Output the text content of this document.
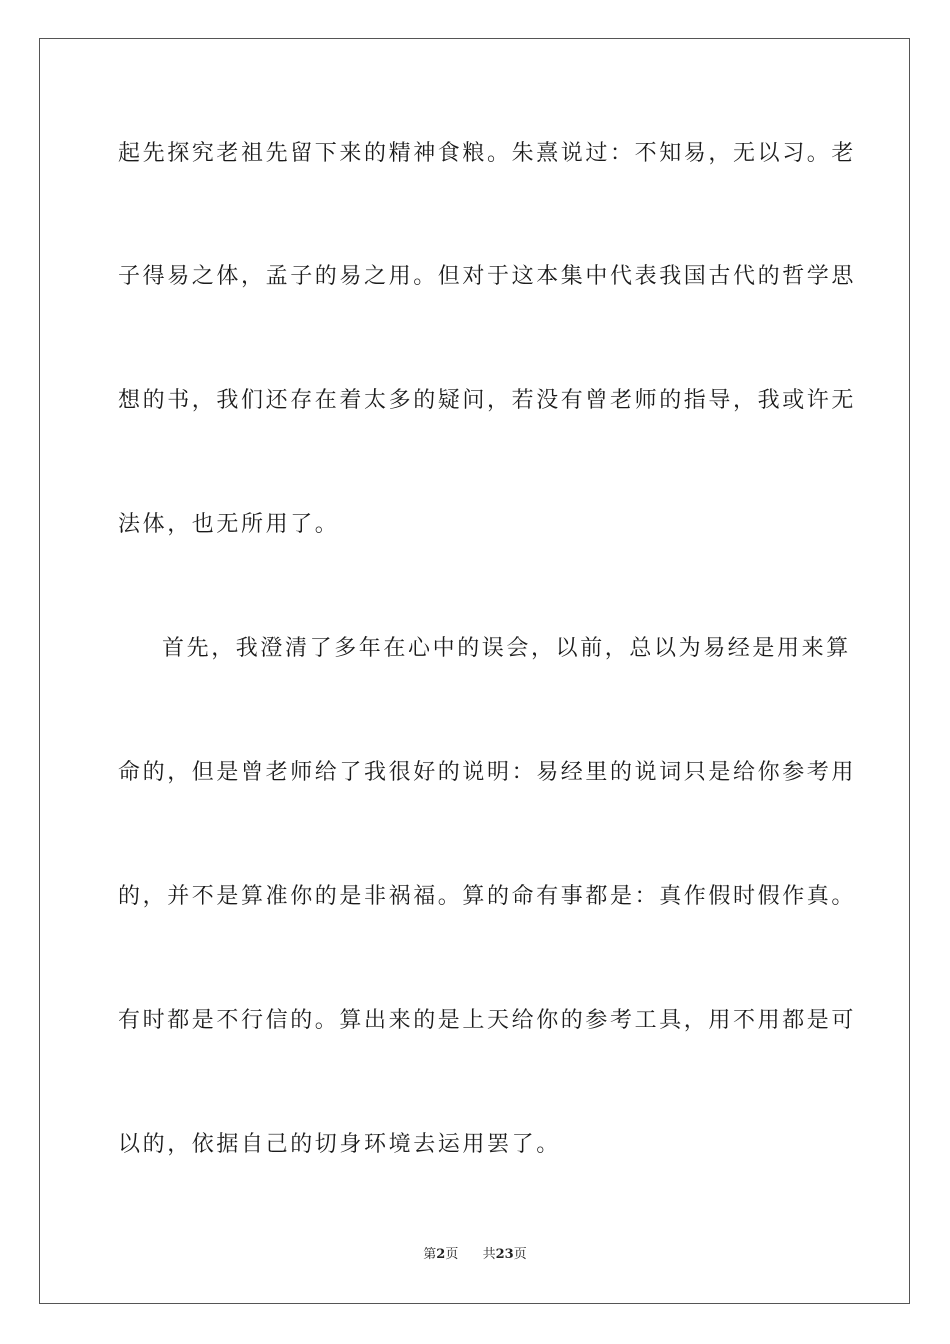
起先探究老祖先留下来的精神食粮。朱熹说过：不知易，无以习。老
子得易之体，孟子的易之用。但对于这本集中代表我国古代的哲学思
想的书，我们还存在着太多的疑问，若没有曾老师的指导，我或许无
法体，也无所用了。
首先，我澄清了多年在心中的误会，以前，总以为易经是用来算
命的，但是曾老师给了我很好的说明：易经里的说词只是给你参考用
的，并不是算准你的是非祸福。算的命有事都是：真作假时假作真。
有时都是不行信的。算出来的是上天给你的参考工具，用不用都是可
以的，依据自己的切身环境去运用罢了。
第2页 共23页
